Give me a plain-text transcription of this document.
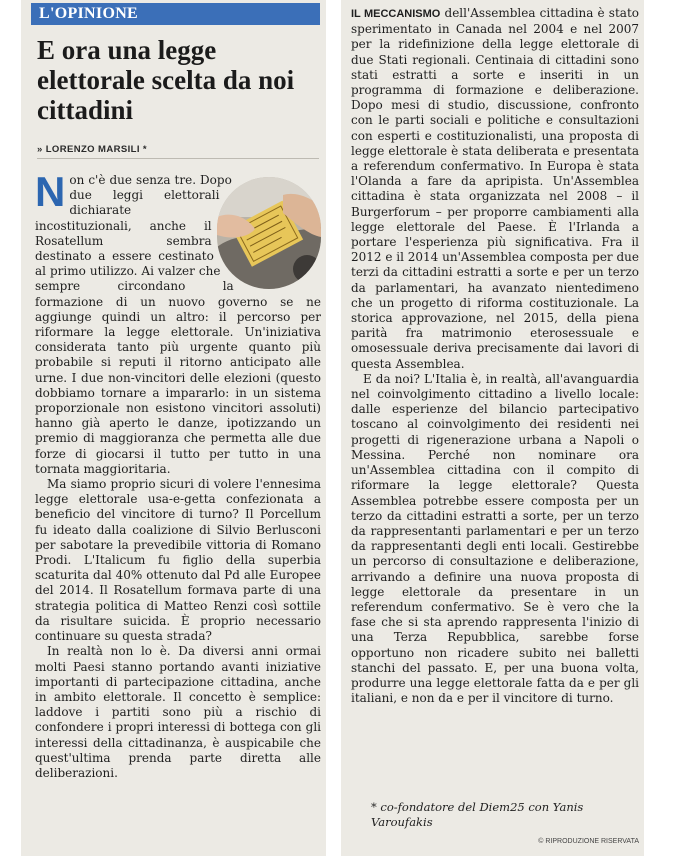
L'OPINIONE
E ora una legge elettorale scelta da noi cittadini
» LORENZO MARSILI *
N on c'è due senza tre. Dopo due leggi elettorali dichiarate incostituzionali, anche il Rosatellum sembra destinato a essere cestinato al primo utilizzo. Ai valzer che sempre circondano la formazione di un nuovo governo se ne aggiunge quindi un altro: il percorso per riformare la legge elettorale. Un'iniziativa considerata tanto più urgente quanto più probabile si reputi il ritorno anticipato alle urne. I due non-vincitori delle elezioni (questo dobbiamo tornare a impararlo: in un sistema proporzionale non esistono vincitori assoluti) hanno già aperto le danze, ipotizzando un premio di maggioranza che permetta alle due forze di giocarsi il tutto per tutto in una tornata maggioritaria.

Ma siamo proprio sicuri di volere l'ennesima legge elettorale usa-e-getta confezionata a beneficio del vincitore di turno? Il Porcellum fu ideato dalla coalizione di Silvio Berlusconi per sabotare la prevedibile vittoria di Romano Prodi. L'Italicum fu figlio della superbia scaturita dal 40% ottenuto dal Pd alle Europee del 2014. Il Rosatellum formava parte di una strategia politica di Matteo Renzi così sottile da risultare suicida. È proprio necessario continuare su questa strada?

In realtà non lo è. Da diversi anni ormai molti Paesi stanno portando avanti iniziative importanti di partecipazione cittadina, anche in ambito elettorale. Il concetto è semplice: laddove i partiti sono più a rischio di confondere i propri interessi di bottega con gli interessi della cittadinanza, è auspicabile che quest'ultima prenda parte diretta alle deliberazioni.

IL MECCANISMO dell'Assemblea cittadina è stato sperimentato in Canada nel 2004 e nel 2007 per la ridefinizione della legge elettorale di due Stati regionali. Centinaia di cittadini sono stati estratti a sorte e inseriti in un programma di formazione e deliberazione. Dopo mesi di studio, discussione, confronto con le parti sociali e politiche e consultazioni con esperti e costituzionalisti, una proposta di legge elettorale è stata deliberata e presentata a referendum confermativo. In Europa è stata l'Olanda a fare da apripista. Un'Assemblea cittadina è stata organizzata nel 2008 – il Burgerforum – per proporre cambiamenti alla legge elettorale del Paese. È l'Irlanda a portare l'esperienza più significativa. Fra il 2012 e il 2014 un'Assemblea composta per due terzi da cittadini estratti a sorte e per un terzo da parlamentari, ha avanzato nientedimeno che un progetto di riforma costituzionale. La storica approvazione, nel 2015, della piena parità fra matrimonio eterosessuale e omosessuale deriva precisamente dai lavori di questa Assemblea.

E da noi? L'Italia è, in realtà, all'avanguardia nel coinvolgimento cittadino a livello locale: dalle esperienze del bilancio partecipativo toscano al coinvolgimento dei residenti nei progetti di rigenerazione urbana a Napoli o Messina. Perché non nominare ora un'Assemblea cittadina con il compito di riformare la legge elettorale? Questa Assemblea potrebbe essere composta per un terzo da cittadini estratti a sorte, per un terzo da rappresentanti parlamentari e per un terzo da rappresentanti degli enti locali. Gestirebbe un percorso di consultazione e deliberazione, arrivando a definire una nuova proposta di legge elettorale da presentare in un referendum confermativo. Se è vero che la fase che si sta aprendo rappresenta l'inizio di una Terza Repubblica, sarebbe forse opportuno non ricadere subito nei balletti stanchi del passato. E, per una buona volta, produrre una legge elettorale fatta da e per gli italiani, e non da e per il vincitore di turno.

* co-fondatore del Diem25 con Yanis Varoufakis
© RIPRODUZIONE RISERVATA
